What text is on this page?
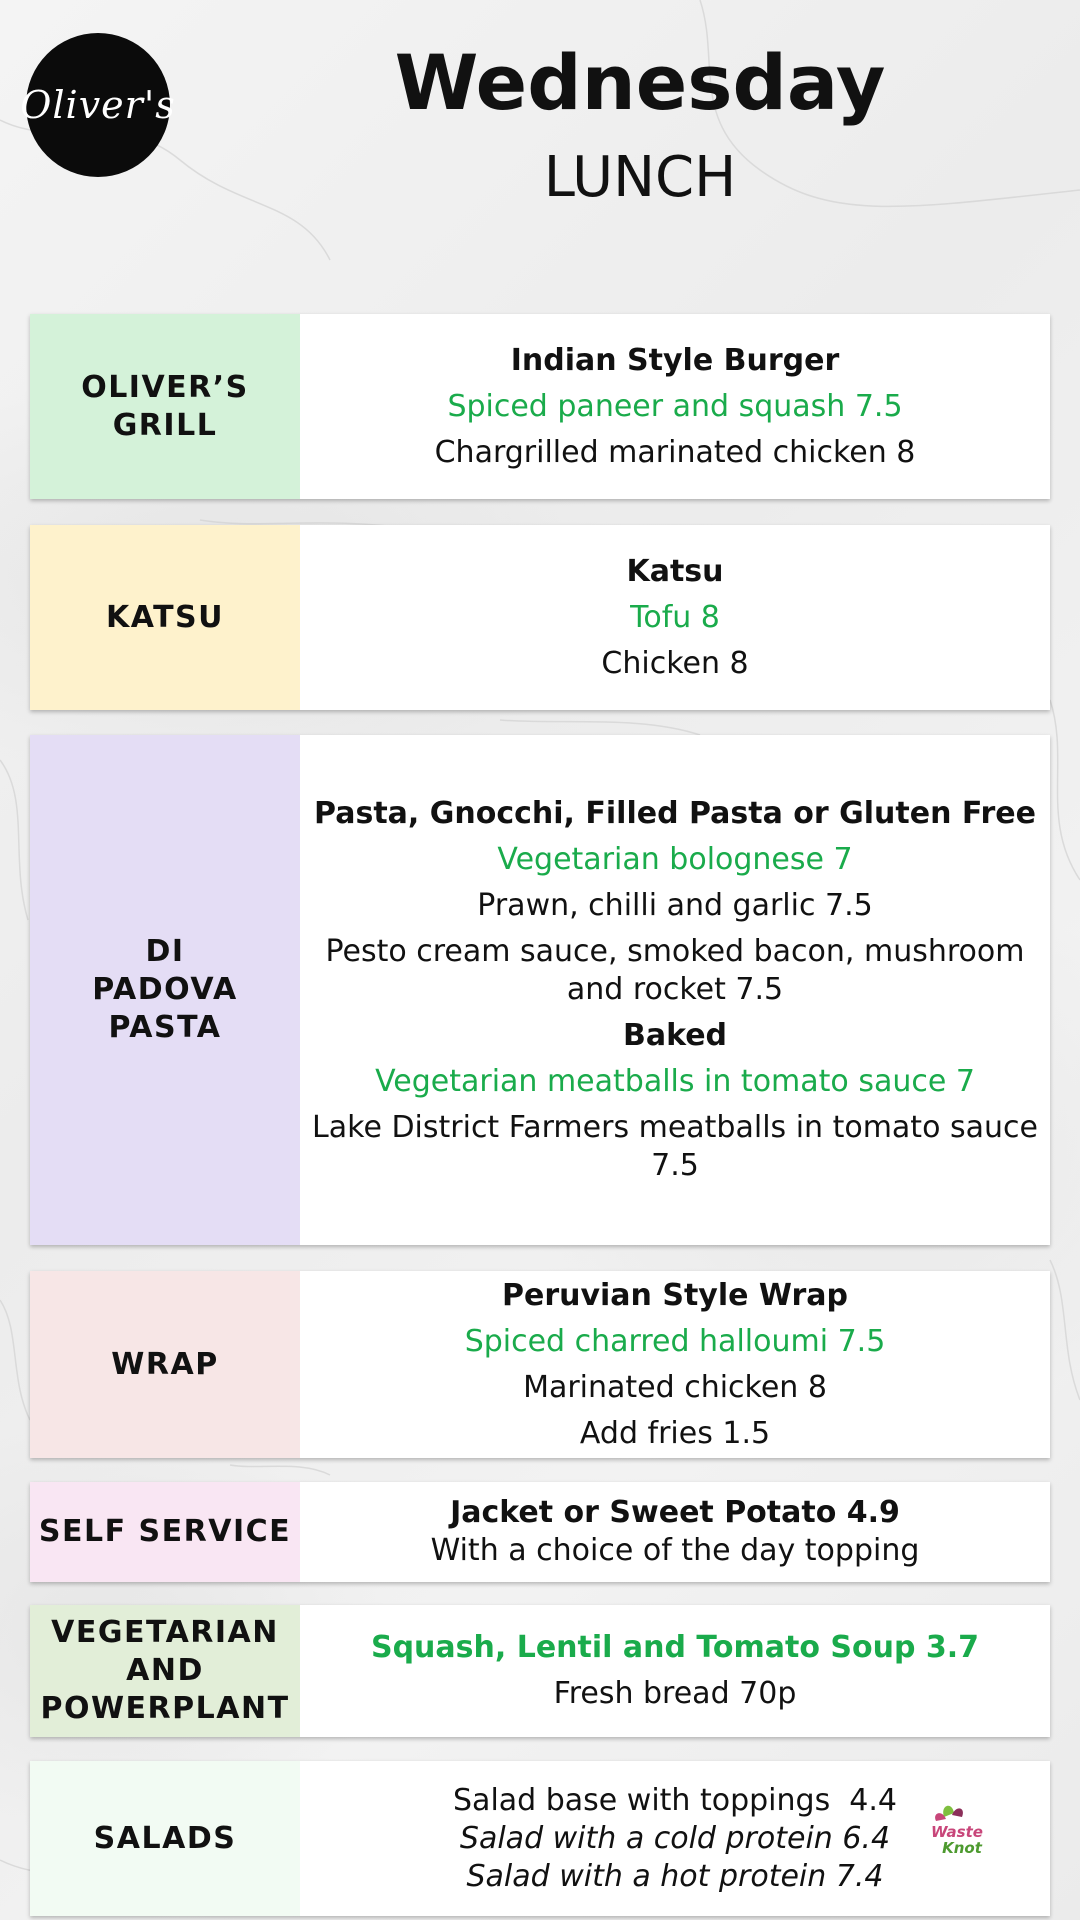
Oliver's	Wednesday
LUNCH
OLIVER’S GRILL
Indian Style Burger
Spiced paneer and squash 7.5
Chargrilled marinated chicken 8
KATSU
Katsu
Tofu 8
Chicken 8
DI PADOVA PASTA
Pasta, Gnocchi, Filled Pasta or Gluten Free
Vegetarian bolognese 7
Prawn, chilli and garlic 7.5
Pesto cream sauce, smoked bacon, mushroom and rocket 7.5
Baked
Vegetarian meatballs in tomato sauce 7
Lake District Farmers meatballs in tomato sauce 7.5
WRAP
Peruvian Style Wrap
Spiced charred halloumi 7.5
Marinated chicken 8
Add fries 1.5
SELF SERVICE
Jacket or Sweet Potato 4.9
With a choice of the day topping
VEGETARIAN AND POWERPLANT
Squash, Lentil and Tomato Soup 3.7
Fresh bread 70p
SALADS
Salad base with toppings  4.4
Salad with a cold protein 6.4
Salad with a hot protein 7.4
Waste
Knot
